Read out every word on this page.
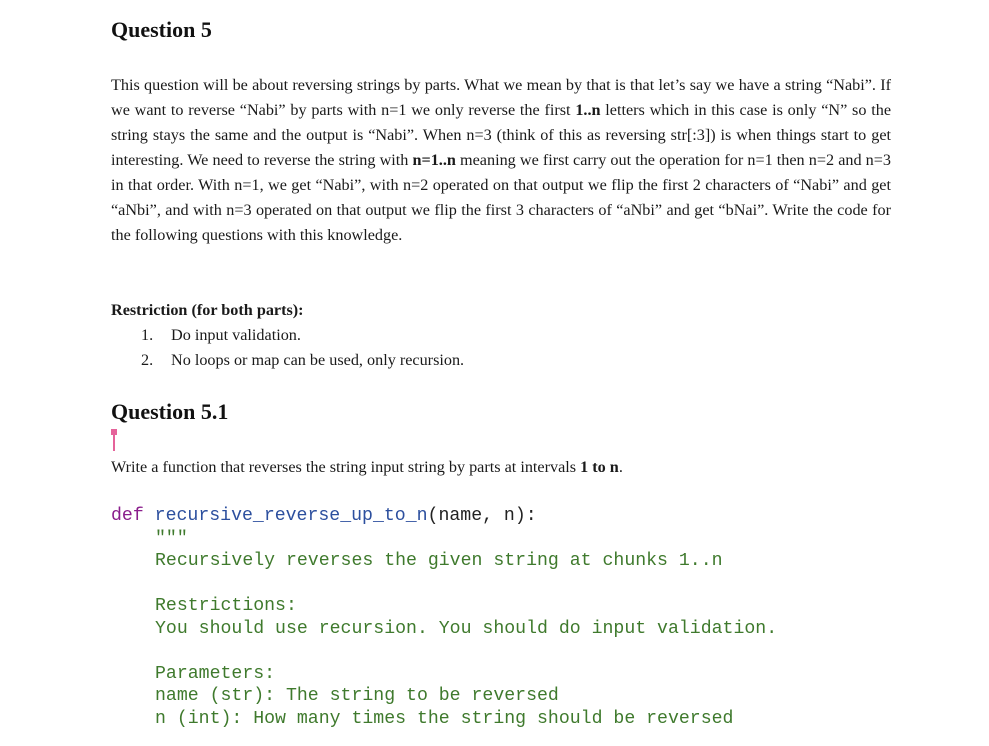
Question 5

This question will be about reversing strings by parts. What we mean by that is that let’s say we have a string “Nabi”. If we want to reverse “Nabi” by parts with n=1 we only reverse the first 1..n letters which in this case is only “N” so the string stays the same and the output is “Nabi”. When n=3 (think of this as reversing str[:3]) is when things start to get interesting. We need to reverse the string with n=1..n meaning we first carry out the operation for n=1 then n=2 and n=3 in that order. With n=1, we get “Nabi”, with n=2 operated on that output we flip the first 2 characters of “Nabi” and get “aNbi”, and with n=3 operated on that output we flip the first 3 characters of “aNbi” and get “bNai”. Write the code for the following questions with this knowledge.

Restriction (for both parts):
1. Do input validation.
2. No loops or map can be used, only recursion.
Question 5.1
Write a function that reverses the string input string by parts at intervals 1 to n.
def recursive_reverse_up_to_n(name, n):
"""
Recursively reverses the given string at chunks 1..n
Restrictions:
You should use recursion. You should do input validation.
Parameters:
name (str): The string to be reversed
n (int): How many times the string should be reversed
